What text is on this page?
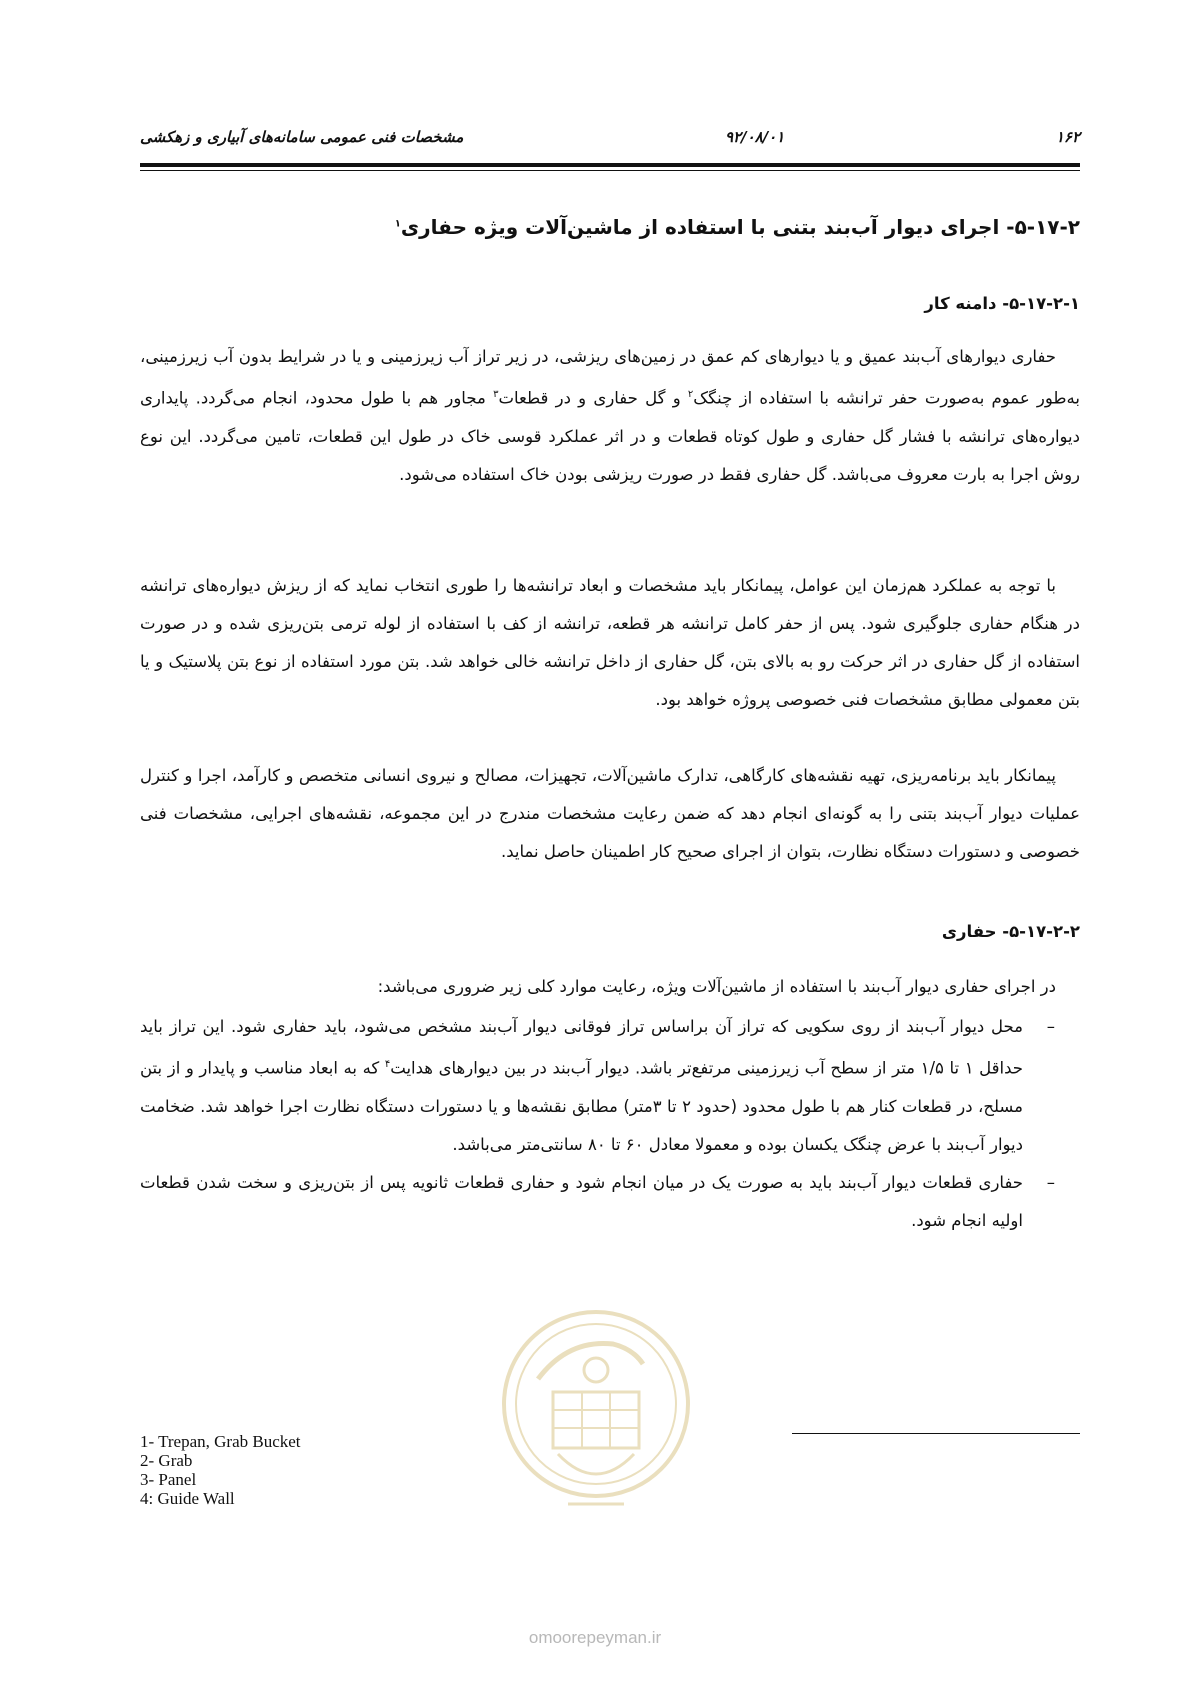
۱۶۲
۹۲/۰۸/۰۱
مشخصات فنی عمومی سامانه‌های آبیاری و زهکشی
۵-۱۷-۲- اجرای دیوار آب‌بند بتنی با استفاده از ماشین‌آلات ویژه حفاری$^۱$
۵-۱۷-۲-۱- دامنه کار

حفاری دیوارهای آب‌بند عمیق و یا دیوارهای کم عمق در زمین‌های ریزشی، در زیر تراز آب زیرزمینی و یا در شرایط بدون آب زیرزمینی، به‌طور عموم به‌صورت حفر ترانشه با استفاده از چنگک$^۲$ و گل حفاری و در قطعات$^۳$ مجاور هم با طول محدود، انجام می‌گردد. پایداری دیواره‌های ترانشه با فشار گل حفاری و طول کوتاه قطعات و در اثر عملکرد قوسی خاک در طول این قطعات، تامین می‌گردد. این نوع روش اجرا به بارت معروف می‌باشد. گل حفاری فقط در صورت ریزشی بودن خاک استفاده می‌شود.

با توجه به عملکرد هم‌زمان این عوامل، پیمانکار باید مشخصات و ابعاد ترانشه‌ها را طوری انتخاب نماید که از ریزش دیواره‌های ترانشه در هنگام حفاری جلوگیری شود. پس از حفر کامل ترانشه هر قطعه، ترانشه از کف با استفاده از لوله ترمی بتن‌ریزی شده و در صورت استفاده از گل حفاری در اثر حرکت رو به بالای بتن، گل حفاری از داخل ترانشه خالی خواهد شد. بتن مورد استفاده از نوع بتن پلاستیک و یا بتن معمولی مطابق مشخصات فنی خصوصی پروژه خواهد بود.

پیمانکار باید برنامه‌ریزی، تهیه نقشه‌های کارگاهی، تدارک ماشین‌آلات، تجهیزات، مصالح و نیروی انسانی متخصص و کارآمد، اجرا و کنترل عملیات دیوار آب‌بند بتنی را به گونه‌ای انجام دهد که ضمن رعایت مشخصات مندرج در این مجموعه، نقشه‌های اجرایی، مشخصات فنی خصوصی و دستورات دستگاه نظارت، بتوان از اجرای صحیح کار اطمینان حاصل نماید.

۵-۱۷-۲-۲- حفاری
در اجرای حفاری دیوار آب‌بند با استفاده از ماشین‌آلات ویژه، رعایت موارد کلی زیر ضروری می‌باشد:
–
محل دیوار آب‌بند از روی سکویی که تراز آن براساس تراز فوقانی دیوار آب‌بند مشخص می‌شود، باید حفاری شود. این تراز باید حداقل ۱ تا ۱/۵ متر از سطح آب زیرزمینی مرتفع‌تر باشد. دیوار آب‌بند در بین دیوارهای هدایت$^۴$ که به ابعاد مناسب و پایدار و از بتن مسلح، در قطعات کنار هم با طول محدود (حدود ۲ تا ۳متر) مطابق نقشه‌ها و یا دستورات دستگاه نظارت اجرا خواهد شد. ضخامت دیوار آب‌بند با عرض چنگک یکسان بوده و معمولا معادل ۶۰ تا ۸۰ سانتی‌متر می‌باشد.
–
حفاری قطعات دیوار آب‌بند باید به صورت یک در میان انجام شود و حفاری قطعات ثانویه پس از بتن‌ریزی و سخت شدن قطعات اولیه انجام شود.
1- Trepan, Grab Bucket
2- Grab
3- Panel
4: Guide Wall
omoorepeyman.ir
